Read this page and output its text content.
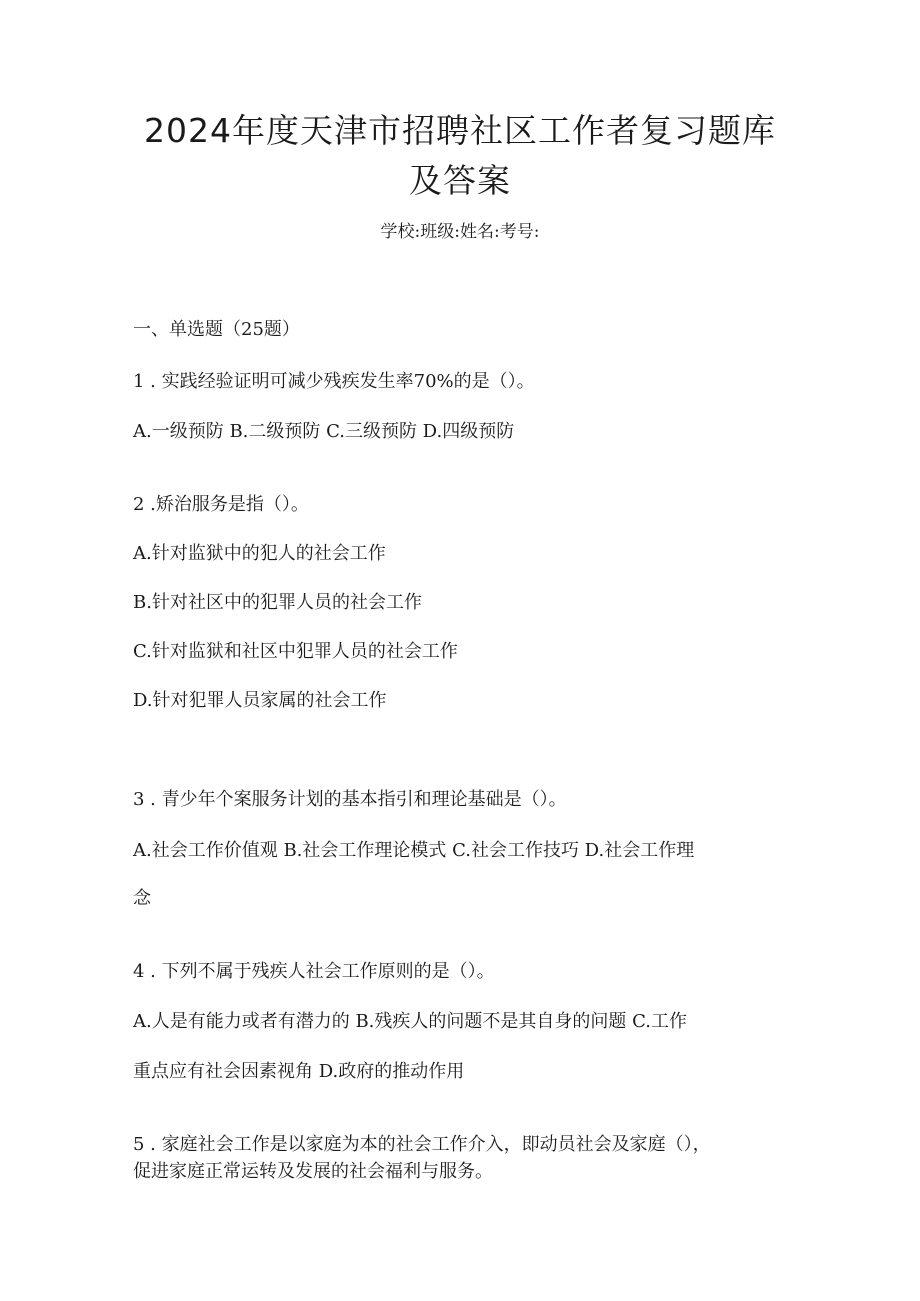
2024年度天津市招聘社区工作者复习题库
及答案
学校:班级:姓名:考号:
一、单选题（25题）
1 . 实践经验证明可减少残疾发生率70%的是（）。
A.一级预防 B.二级预防 C.三级预防 D.四级预防
2 .矫治服务是指（）。
A.针对监狱中的犯人的社会工作
B.针对社区中的犯罪人员的社会工作
C.针对监狱和社区中犯罪人员的社会工作
D.针对犯罪人员家属的社会工作
3 . 青少年个案服务计划的基本指引和理论基础是（）。
A.社会工作价值观 B.社会工作理论模式 C.社会工作技巧 D.社会工作理
念
4 . 下列不属于残疾人社会工作原则的是（）。
A.人是有能力或者有潜力的 B.残疾人的问题不是其自身的问题 C.工作
重点应有社会因素视角 D.政府的推动作用
5 . 家庭社会工作是以家庭为本的社会工作介入，即动员社会及家庭（），
促进家庭正常运转及发展的社会福利与服务。
